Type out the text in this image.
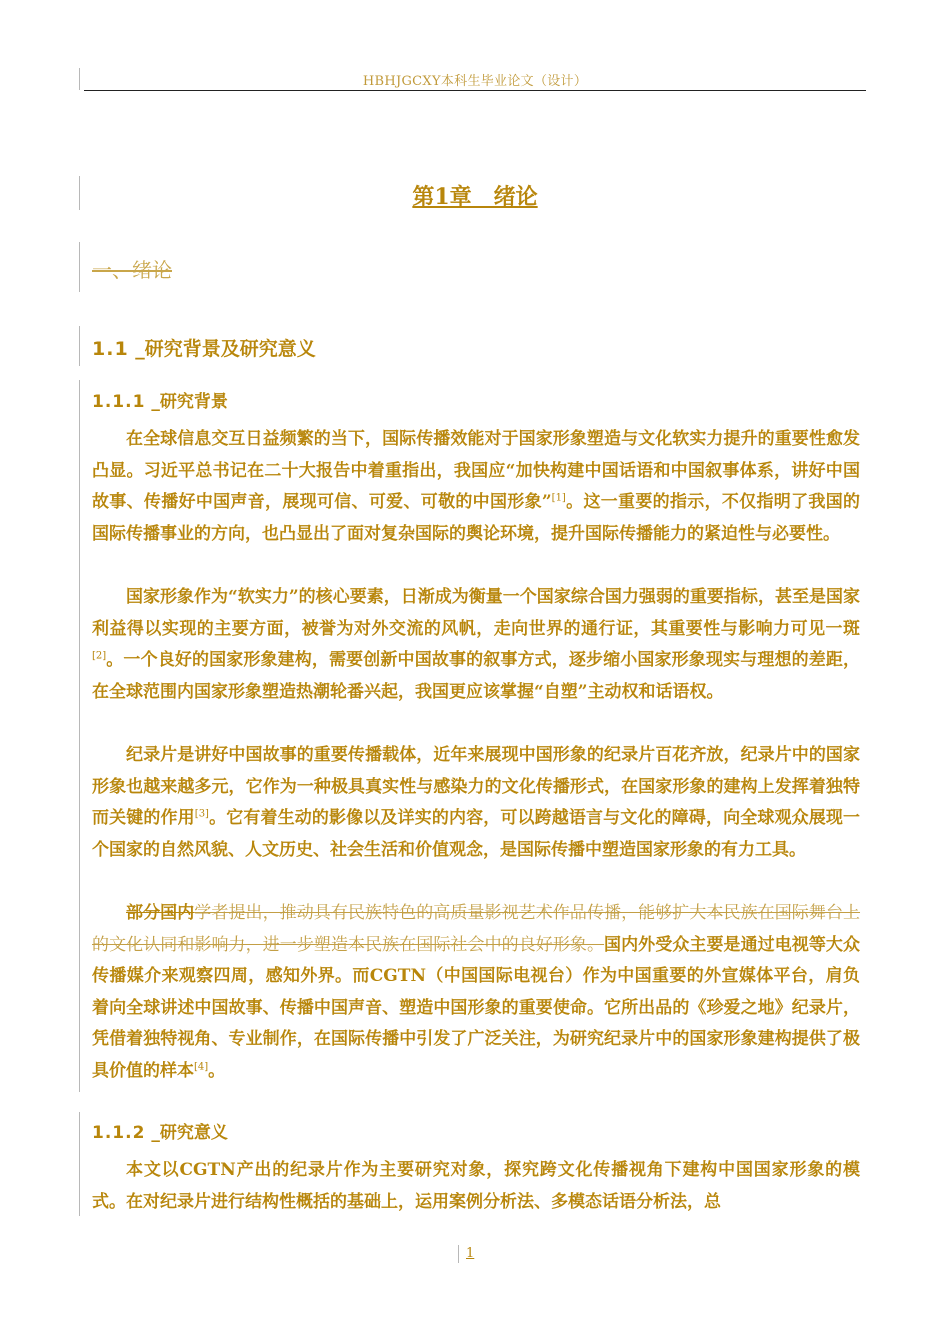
HBHJGCXY本科生毕业论文（设计）
第1章　绪论
一、绪论
1.1 _研究背景及研究意义
1.1.1 _研究背景

在全球信息交互日益频繁的当下，国际传播效能对于国家形象塑造与文化软实力提升的重要性愈发凸显。习近平总书记在二十大报告中着重指出，我国应“加快构建中国话语和中国叙事体系，讲好中国故事、传播好中国声音，展现可信、可爱、可敬的中国形象”[1]。这一重要的指示，不仅指明了我国的国际传播事业的方向，也凸显出了面对复杂国际的舆论环境，提升国际传播能力的紧迫性与必要性。

国家形象作为“软实力”的核心要素，日渐成为衡量一个国家综合国力强弱的重要指标，甚至是国家利益得以实现的主要方面，被誉为对外交流的风帆，走向世界的通行证，其重要性与影响力可见一斑[2]。一个良好的国家形象建构，需要创新中国故事的叙事方式，逐步缩小国家形象现实与理想的差距，在全球范围内国家形象塑造热潮轮番兴起，我国更应该掌握“自塑”主动权和话语权。

纪录片是讲好中国故事的重要传播载体，近年来展现中国形象的纪录片百花齐放，纪录片中的国家形象也越来越多元，它作为一种极具真实性与感染力的文化传播形式，在国家形象的建构上发挥着独特而关键的作用[3]。它有着生动的影像以及详实的内容，可以跨越语言与文化的障碍，向全球观众展现一个国家的自然风貌、人文历史、社会生活和价值观念，是国际传播中塑造国家形象的有力工具。

部分国内学者提出，推动具有民族特色的高质量影视艺术作品传播，能够扩大本民族在国际舞台上的文化认同和影响力，进一步塑造本民族在国际社会中的良好形象。国内外受众主要是通过电视等大众传播媒介来观察四周，感知外界。而CGTN（中国国际电视台）作为中国重要的外宣媒体平台，肩负着向全球讲述中国故事、传播中国声音、塑造中国形象的重要使命。它所出品的《珍爱之地》纪录片，凭借着独特视角、专业制作，在国际传播中引发了广泛关注，为研究纪录片中的国家形象建构提供了极具价值的样本[4]。

1.1.2 _研究意义

本文以CGTN产出的纪录片作为主要研究对象，探究跨文化传播视角下建构中国国家形象的模式。在对纪录片进行结构性概括的基础上，运用案例分析法、多模态话语分析法，总

1
